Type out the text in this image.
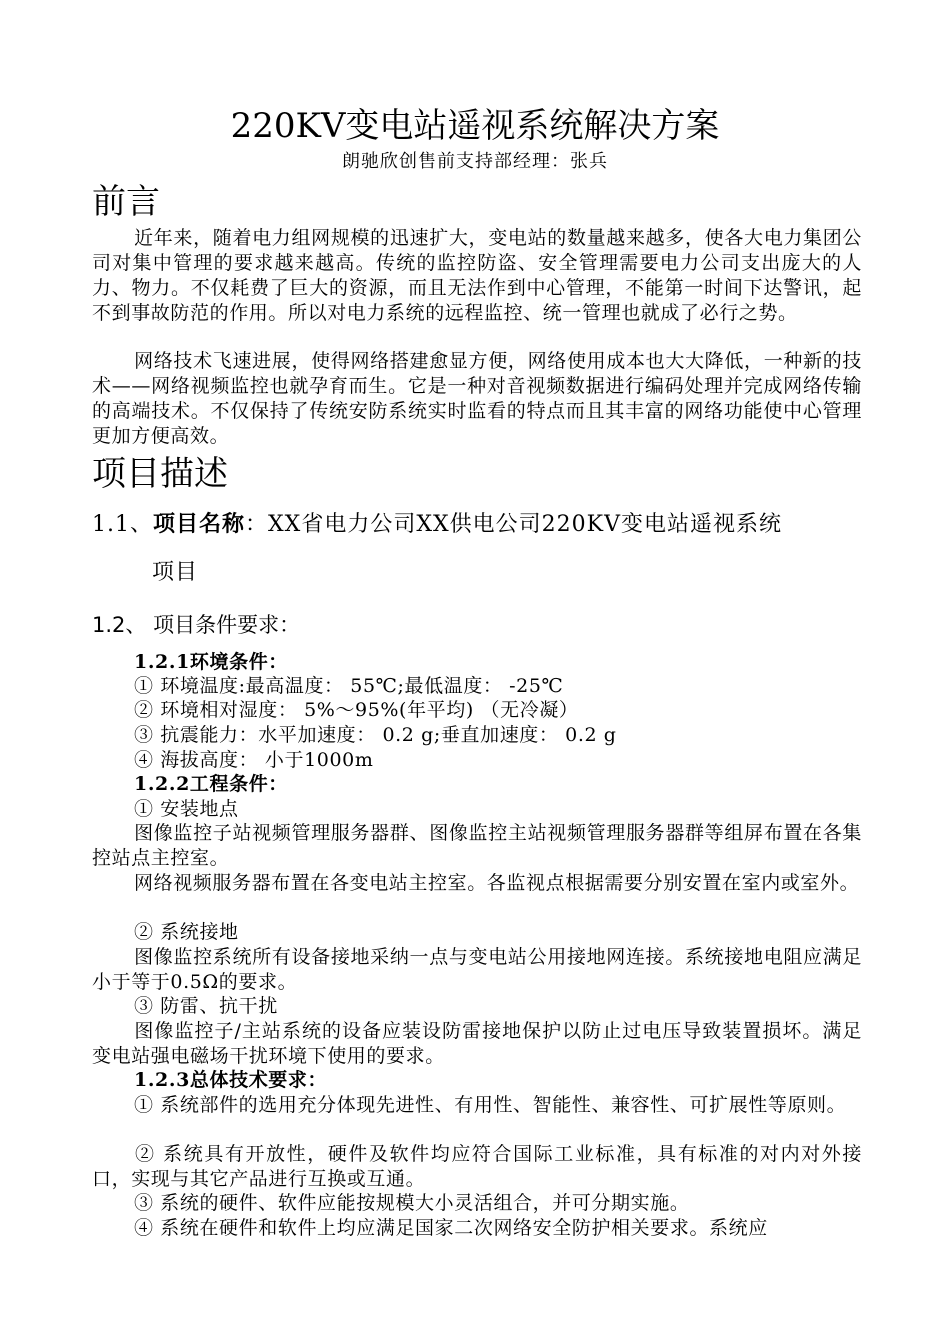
220KV变电站遥视系统解决方案
朗驰欣创售前支持部经理：张兵
前言
近年来，随着电力组网规模的迅速扩大，变电站的数量越来越多，使各大电力集团公司对集中管理的要求越来越高。传统的监控防盗、安全管理需要电力公司支出庞大的人力、物力。不仅耗费了巨大的资源，而且无法作到中心管理，不能第一时间下达警讯，起不到事故防范的作用。所以对电力系统的远程监控、统一管理也就成了必行之势。
网络技术飞速进展，使得网络搭建愈显方便，网络使用成本也大大降低，一种新的技术——网络视频监控也就孕育而生。它是一种对音视频数据进行编码处理并完成网络传输的高端技术。不仅保持了传统安防系统实时监看的特点而且其丰富的网络功能使中心管理更加方便高效。
项目描述
1.1、项目名称：XX省电力公司XX供电公司220KV变电站遥视系统
项目
1.2、 项目条件要求：
1.2.1环境条件：
① 环境温度:最高温度： 55℃;最低温度： -25℃
② 环境相对湿度： 5%～95%(年平均) （无冷凝）
③ 抗震能力：水平加速度： 0.2 g;垂直加速度： 0.2 g
④ 海拔高度： 小于1000m
1.2.2工程条件：
① 安装地点
图像监控子站视频管理服务器群、图像监控主站视频管理服务器群等组屏布置在各集控站点主控室。
网络视频服务器布置在各变电站主控室。各监视点根据需要分别安置在室内或室外。
② 系统接地
图像监控系统所有设备接地采纳一点与变电站公用接地网连接。系统接地电阻应满足小于等于0.5Ω的要求。
③ 防雷、抗干扰
图像监控子/主站系统的设备应装设防雷接地保护以防止过电压导致装置损坏。满足变电站强电磁场干扰环境下使用的要求。
1.2.3总体技术要求：
① 系统部件的选用充分体现先进性、有用性、智能性、兼容性、可扩展性等原则。
② 系统具有开放性，硬件及软件均应符合国际工业标准，具有标准的对内对外接口，实现与其它产品进行互换或互通。
③ 系统的硬件、软件应能按规模大小灵活组合，并可分期实施。
④ 系统在硬件和软件上均应满足国家二次网络安全防护相关要求。系统应
